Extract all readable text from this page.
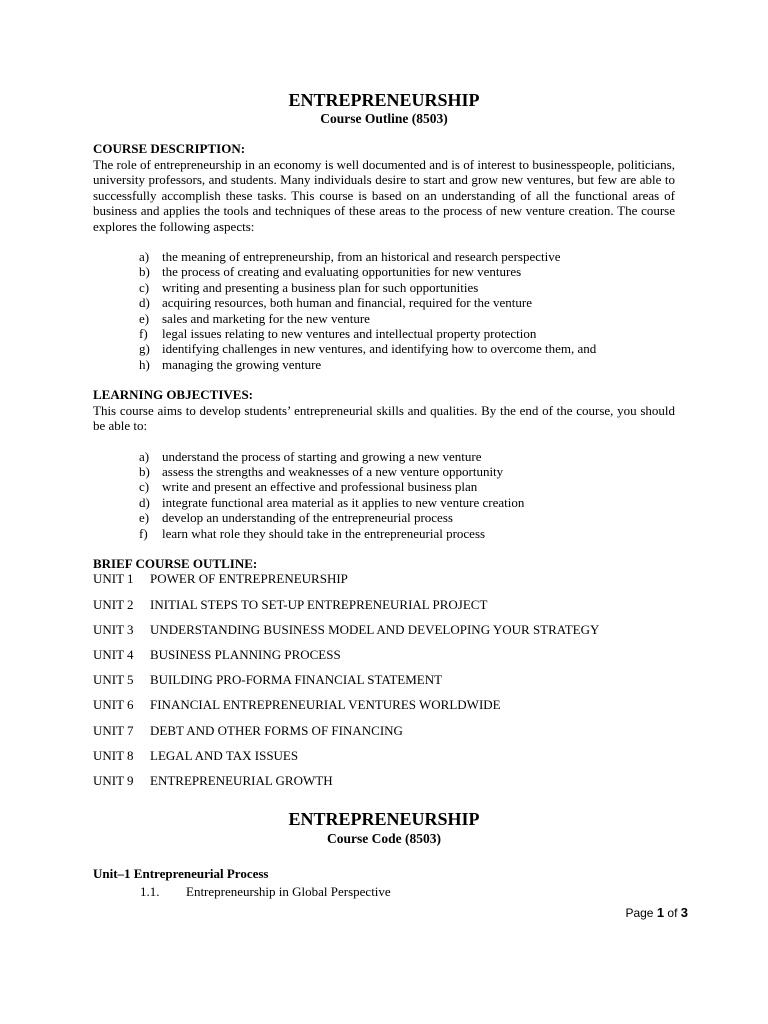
ENTREPRENEURSHIP
Course Outline (8503)

COURSE DESCRIPTION:

The role of entrepreneurship in an economy is well documented and is of interest to businesspeople, politicians, university professors, and students. Many individuals desire to start and grow new ventures, but few are able to successfully accomplish these tasks. This course is based on an understanding of all the functional areas of business and applies the tools and techniques of these areas to the process of new venture creation. The course explores the following aspects:

a) the meaning of entrepreneurship, from an historical and research perspective
b) the process of creating and evaluating opportunities for new ventures
c) writing and presenting a business plan for such opportunities
d) acquiring resources, both human and financial, required for the venture
e) sales and marketing for the new venture
f)	legal issues relating to new ventures and intellectual property protection
g) identifying challenges in new ventures, and identifying how to overcome them, and
h) managing the growing venture

LEARNING OBJECTIVES:

This course aims to develop students’ entrepreneurial skills and qualities. By the end of the course, you should be able to:

a) understand the process of starting and growing a new venture
b) assess the strengths and weaknesses of a new venture opportunity
c) write and present an effective and professional business plan
d) integrate functional area material as it applies to new venture creation
e) develop an understanding of the entrepreneurial process
f)	learn what role they should take in the entrepreneurial process

BRIEF COURSE OUTLINE:

UNIT 1	POWER OF ENTREPRENEURSHIP
UNIT 2	INITIAL STEPS TO SET-UP ENTREPRENEURIAL PROJECT
UNIT 3	UNDERSTANDING BUSINESS MODEL AND DEVELOPING YOUR STRATEGY
UNIT 4	BUSINESS PLANNING PROCESS
UNIT 5	BUILDING PRO-FORMA FINANCIAL STATEMENT
UNIT 6	FINANCIAL ENTREPRENEURIAL VENTURES WORLDWIDE
UNIT 7	DEBT AND OTHER FORMS OF FINANCING
UNIT 8	LEGAL AND TAX ISSUES
UNIT 9	ENTREPRENEURIAL GROWTH
ENTREPRENEURSHIP
Course Code (8503)
Unit–1 Entrepreneurial Process
1.1.	Entrepreneurship in Global Perspective
Page 1 of 3
